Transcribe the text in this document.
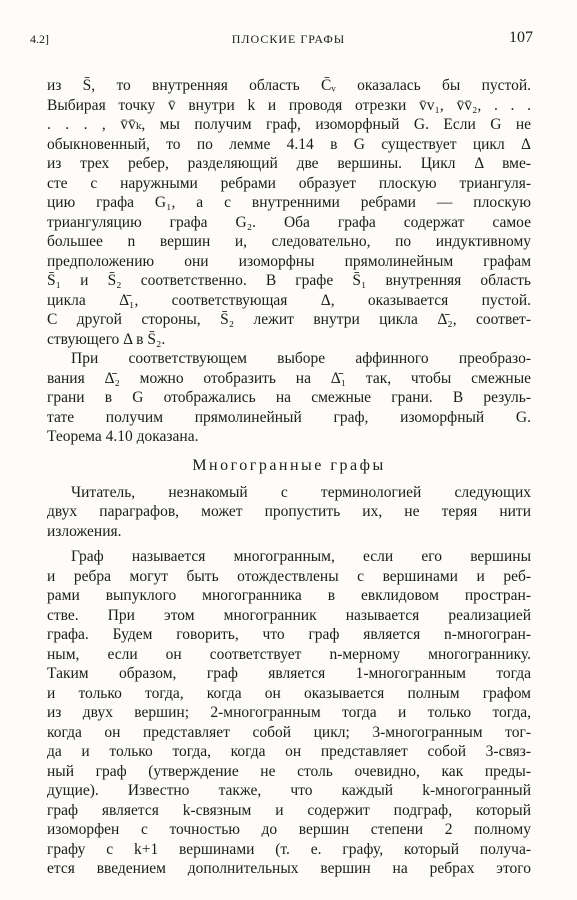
4.2]	ПЛОСКИЕ ГРАФЫ	107
из S̄, то внутренняя область C̄ᵥ оказалась бы пустой.
Выбирая точку v̄ внутри k и проводя отрезки v̄v₁, v̄v̄₂, . . .
. . . , v̄v̄ₖ, мы получим граф, изоморфный G. Если G не
обыкновенный, то по лемме 4.14 в G существует цикл Δ
из трех ребер, разделяющий две вершины. Цикл Δ вме-
сте с наружными ребрами образует плоскую триангуля-
цию графа G₁, а с внутренними ребрами — плоскую
триангуляцию графа G₂. Оба графа содержат самое
большее n вершин и, следовательно, по индуктивному
предположению они изоморфны прямолинейным графам
S̄₁ и S̄₂ соответственно. В графе S̄₁ внутренняя область
цикла Δ̄₁, соответствующая Δ, оказывается пустой.
С другой стороны, S̄₂ лежит внутри цикла Δ̄₂, соответ-
ствующего Δ в S̄₂.
При соответствующем выборе аффинного преобразо-
вания Δ̄₂ можно отобразить на Δ̄₁ так, чтобы смежные
грани в G отображались на смежные грани. В резуль-
тате получим прямолинейный граф, изоморфный G.
Теорема 4.10 доказана.
Многогранные графы
Читатель, незнакомый с терминологией следующих
двух параграфов, может пропустить их, не теряя нити
изложения.
Граф называется многогранным, если его вершины
и ребра могут быть отождествлены с вершинами и реб-
рами выпуклого многогранника в евклидовом простран-
стве. При этом многогранник называется реализацией
графа. Будем говорить, что граф является n-многогран-
ным, если он соответствует n-мерному многограннику.
Таким образом, граф является 1-многогранным тогда
и только тогда, когда он оказывается полным графом
из двух вершин; 2-многогранным тогда и только тогда,
когда он представляет собой цикл; 3-многогранным тог-
да и только тогда, когда он представляет собой 3-связ-
ный граф (утверждение не столь очевидно, как преды-
дущие). Известно также, что каждый k-многогранный
граф является k-связным и содержит подграф, который
изоморфен с точностью до вершин степени 2 полному
графу с k+1 вершинами (т. е. графу, который получа-
ется введением дополнительных вершин на ребрах этого
